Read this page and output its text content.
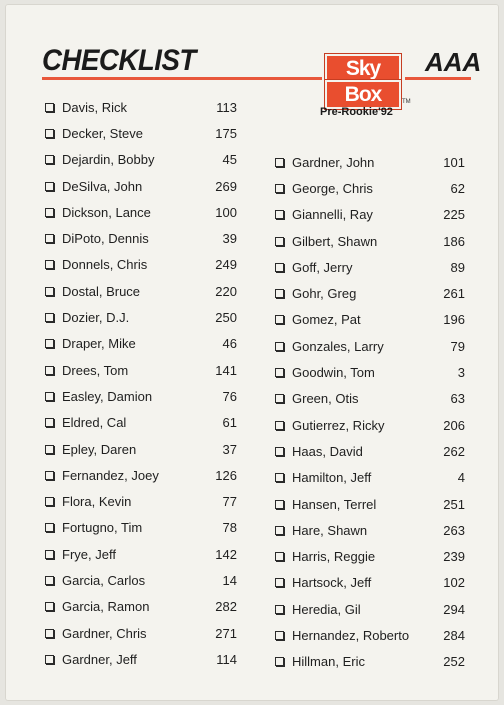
CHECKLIST	AAA
Sky
Box	TM
Pre-Rookie'92
Davis, Rick	113
Decker, Steve	175
Dejardin, Bobby	45
DeSilva, John	269
Dickson, Lance	100
DiPoto, Dennis	39
Donnels, Chris	249
Dostal, Bruce	220
Dozier, D.J.	250
Draper, Mike	46
Drees, Tom	141
Easley, Damion	76
Eldred, Cal	61
Epley, Daren	37
Fernandez, Joey	126
Flora, Kevin	77
Fortugno, Tim	78
Frye, Jeff	142
Garcia, Carlos	14
Garcia, Ramon	282
Gardner, Chris	271
Gardner, Jeff	114
Gardner, John	101
George, Chris	62
Giannelli, Ray	225
Gilbert, Shawn	186
Goff, Jerry	89
Gohr, Greg	261
Gomez, Pat	196
Gonzales, Larry	79
Goodwin, Tom	3
Green, Otis	63
Gutierrez, Ricky	206
Haas, David	262
Hamilton, Jeff	4
Hansen, Terrel	251
Hare, Shawn	263
Harris, Reggie	239
Hartsock, Jeff	102
Heredia, Gil	294
Hernandez, Roberto	284
Hillman, Eric	252
